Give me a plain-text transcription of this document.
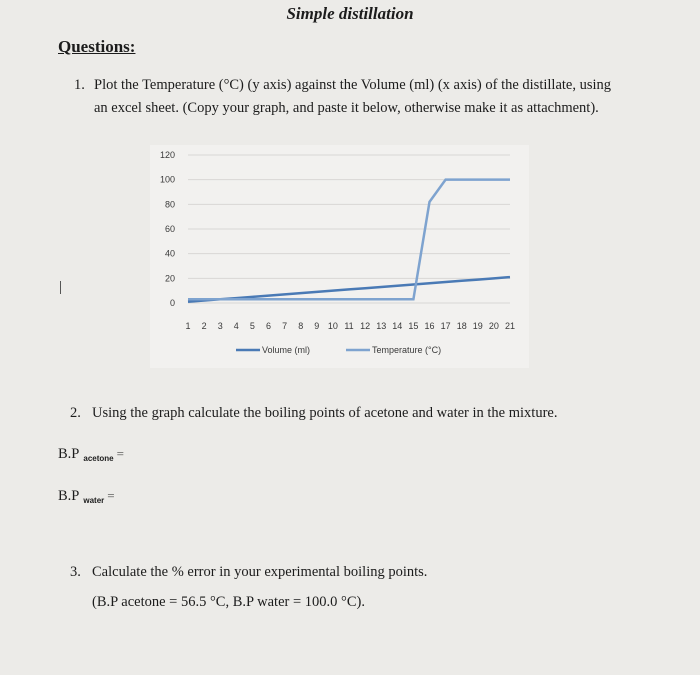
Simple distillation
Questions:
1. Plot the Temperature (°C) (y axis) against the Volume (ml) (x axis) of the distillate, using
an excel sheet. (Copy your graph, and paste it below, otherwise make it as attachment).
0
20
40
60
80
100
120
1 2 3 4 5 6 7 8 9 10 11 12 13 14 15 16 17 18 19 20 21
Volume (ml)	Temperature (°C)
2. Using the graph calculate the boiling points of acetone and water in the mixture.
B.P $_{acetone}$ =
B.P $_{water}$ =
3. Calculate the % error in your experimental boiling points.
(B.P acetone = 56.5 °C, B.P water = 100.0 °C).
